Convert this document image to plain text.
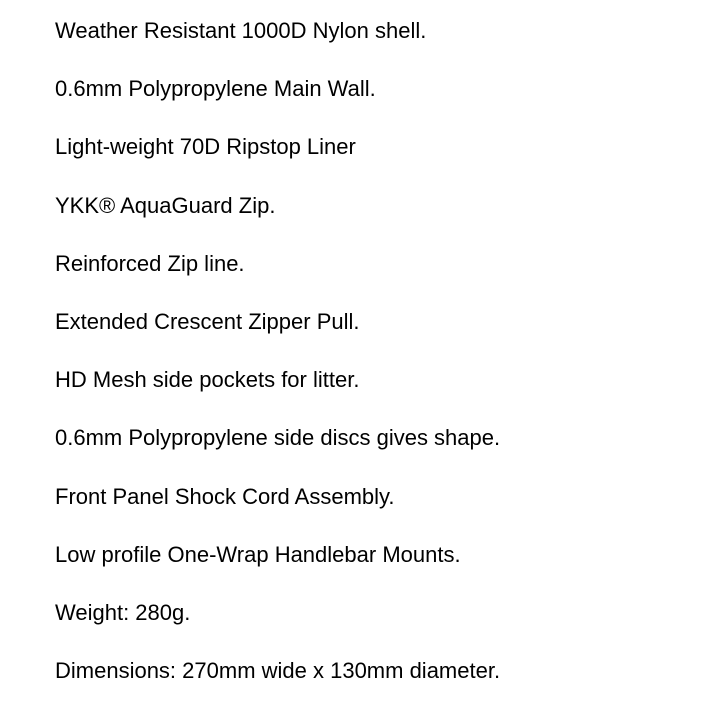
Weather Resistant 1000D Nylon shell.
0.6mm Polypropylene Main Wall.
Light-weight 70D Ripstop Liner
YKK® AquaGuard Zip.
Reinforced Zip line.
Extended Crescent Zipper Pull.
HD Mesh side pockets for litter.
0.6mm Polypropylene side discs gives shape.
Front Panel Shock Cord Assembly.
Low profile One-Wrap Handlebar Mounts.
Weight: 280g.
Dimensions: 270mm wide x 130mm diameter.
